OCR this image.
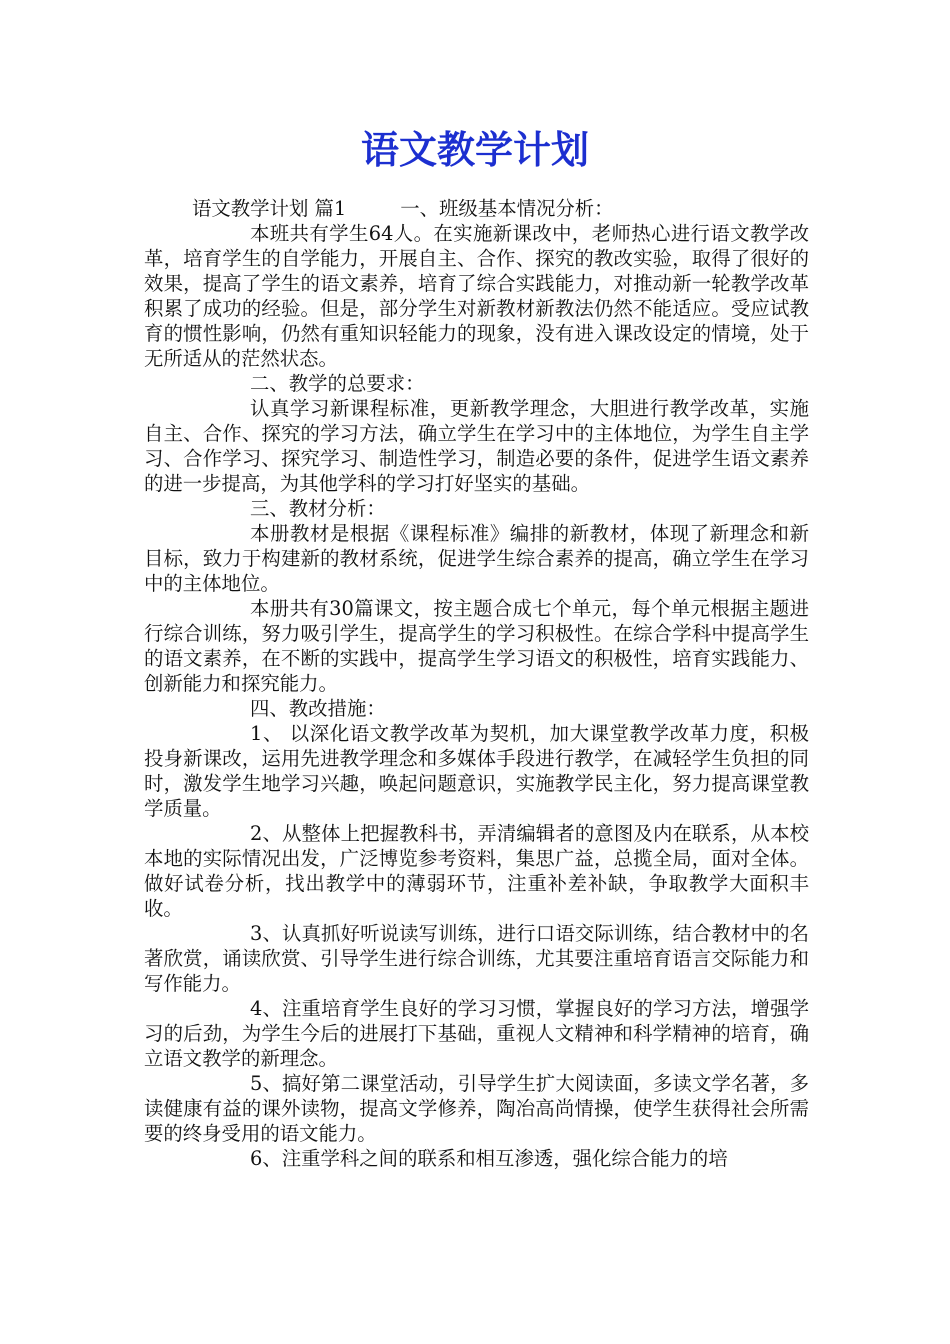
语文教学计划

语文教学计划 篇1	一、班级基本情况分析：

本班共有学生64人。在实施新课改中，老师热心进行语文教学改革，培育学生的自学能力，开展自主、合作、探究的教改实验，取得了很好的效果，提高了学生的语文素养，培育了综合实践能力，对推动新一轮教学改革积累了成功的经验。但是，部分学生对新教材新教法仍然不能适应。受应试教育的惯性影响，仍然有重知识轻能力的现象，没有进入课改设定的情境，处于无所适从的茫然状态。

二、教学的总要求：

认真学习新课程标准，更新教学理念，大胆进行教学改革，实施自主、合作、探究的学习方法，确立学生在学习中的主体地位，为学生自主学习、合作学习、探究学习、制造性学习，制造必要的条件，促进学生语文素养的进一步提高，为其他学科的学习打好坚实的基础。

三、教材分析：

本册教材是根据《课程标准》编排的新教材，体现了新理念和新目标，致力于构建新的教材系统，促进学生综合素养的提高，确立学生在学习中的主体地位。

本册共有30篇课文，按主题合成七个单元，每个单元根据主题进行综合训练，努力吸引学生，提高学生的学习积极性。在综合学科中提高学生的语文素养，在不断的实践中，提高学生学习语文的积极性，培育实践能力、创新能力和探究能力。

四、教改措施：

1、 以深化语文教学改革为契机，加大课堂教学改革力度，积极投身新课改，运用先进教学理念和多媒体手段进行教学，在减轻学生负担的同时，激发学生地学习兴趣，唤起问题意识，实施教学民主化，努力提高课堂教学质量。

2、从整体上把握教科书，弄清编辑者的意图及内在联系，从本校本地的实际情况出发，广泛博览参考资料，集思广益，总揽全局，面对全体。做好试卷分析，找出教学中的薄弱环节，注重补差补缺，争取教学大面积丰收。

3、认真抓好听说读写训练，进行口语交际训练，结合教材中的名著欣赏，诵读欣赏、引导学生进行综合训练，尤其要注重培育语言交际能力和写作能力。

4、注重培育学生良好的学习习惯，掌握良好的学习方法，增强学习的后劲，为学生今后的进展打下基础，重视人文精神和科学精神的培育，确立语文教学的新理念。

5、搞好第二课堂活动，引导学生扩大阅读面，多读文学名著，多读健康有益的课外读物，提高文学修养，陶冶高尚情操，使学生获得社会所需要的终身受用的语文能力。

6、注重学科之间的联系和相互渗透，强化综合能力的培
